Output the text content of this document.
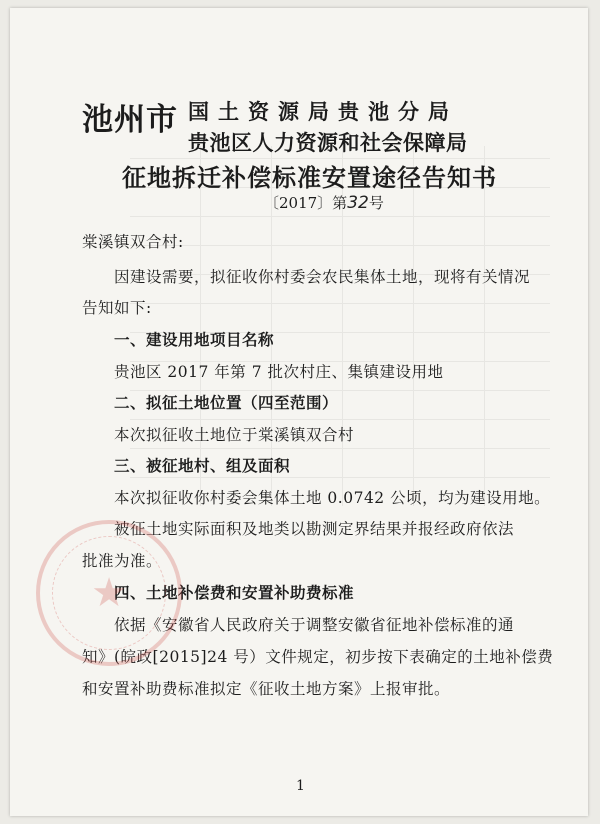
池州市 国土资源局贵池分局
贵池区人力资源和社会保障局
征地拆迁补偿标准安置途径告知书
〔2017〕第32号
棠溪镇双合村:
因建设需要，拟征收你村委会农民集体土地，现将有关情况
告知如下:
一、建设用地项目名称
贵池区 2017 年第 7 批次村庄、集镇建设用地
二、拟征土地位置（四至范围）
本次拟征收土地位于棠溪镇双合村
三、被征地村、组及面积
本次拟征收你村委会集体土地 0.0742 公顷，均为建设用地。
被征土地实际面积及地类以勘测定界结果并报经政府依法
批准为准。
四、土地补偿费和安置补助费标准
依据《安徽省人民政府关于调整安徽省征地补偿标准的通
知》(皖政[2015]24 号）文件规定，初步按下表确定的土地补偿费
和安置补助费标准拟定《征收土地方案》上报审批。
★
1
